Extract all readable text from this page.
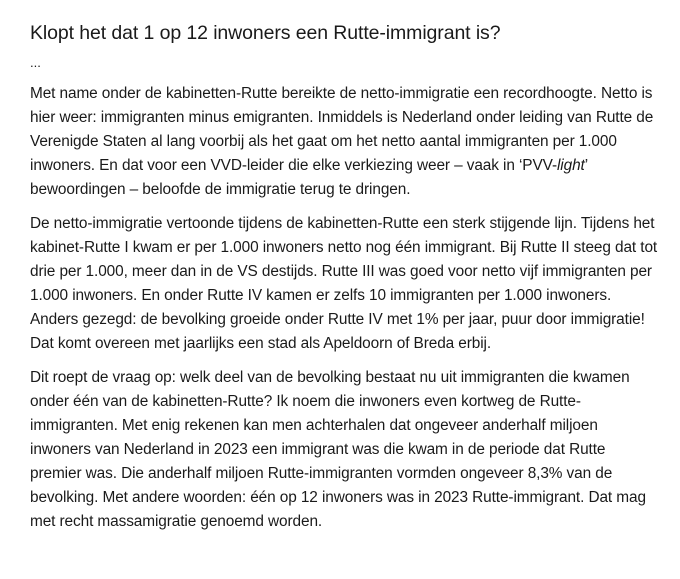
Klopt het dat 1 op 12 inwoners een Rutte-immigrant is?

...

Met name onder de kabinetten-Rutte bereikte de netto-immigratie een recordhoogte. Netto is hier weer: immigranten minus emigranten. Inmiddels is Nederland onder leiding van Rutte de Verenigde Staten al lang voorbij als het gaat om het netto aantal immigranten per 1.000 inwoners. En dat voor een VVD-leider die elke verkiezing weer – vaak in ‘PVV-light’ bewoordingen – beloofde de immigratie terug te dringen.

De netto-immigratie vertoonde tijdens de kabinetten-Rutte een sterk stijgende lijn. Tijdens het kabinet-Rutte I kwam er per 1.000 inwoners netto nog één immigrant. Bij Rutte II steeg dat tot drie per 1.000, meer dan in de VS destijds. Rutte III was goed voor netto vijf immigranten per 1.000 inwoners. En onder Rutte IV kamen er zelfs 10 immigranten per 1.000 inwoners. Anders gezegd: de bevolking groeide onder Rutte IV met 1% per jaar, puur door immigratie! Dat komt overeen met jaarlijks een stad als Apeldoorn of Breda erbij.

Dit roept de vraag op: welk deel van de bevolking bestaat nu uit immigranten die kwamen onder één van de kabinetten-Rutte? Ik noem die inwoners even kortweg de Rutte-immigranten. Met enig rekenen kan men achterhalen dat ongeveer anderhalf miljoen inwoners van Nederland in 2023 een immigrant was die kwam in de periode dat Rutte premier was. Die anderhalf miljoen Rutte-immigranten vormden ongeveer 8,3% van de bevolking. Met andere woorden: één op 12 inwoners was in 2023 Rutte-immigrant. Dat mag met recht massamigratie genoemd worden.
